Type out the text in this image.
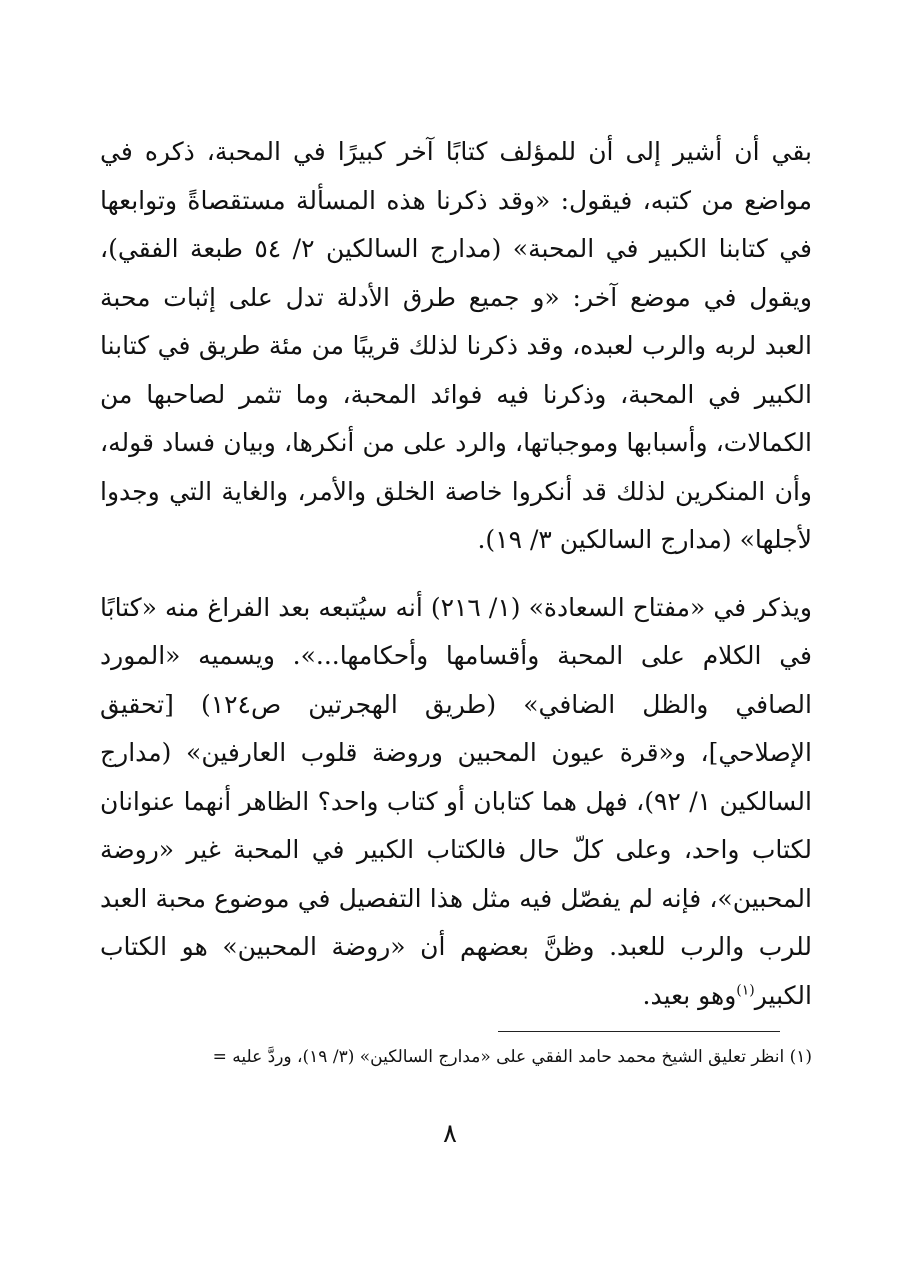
بقي أن أشير إلى أن للمؤلف كتابًا آخر كبيرًا في المحبة، ذكره في مواضع من كتبه، فيقول: «وقد ذكرنا هذه المسألة مستقصاةً وتوابعها في كتابنا الكبير في المحبة» (مدارج السالكين ٢/ ٥٤ طبعة الفقي)، ويقول في موضع آخر: «و جميع طرق الأدلة تدل على إثبات محبة العبد لربه والرب لعبده، وقد ذكرنا لذلك قريبًا من مئة طريق في كتابنا الكبير في المحبة، وذكرنا فيه فوائد المحبة، وما تثمر لصاحبها من الكمالات، وأسبابها وموجباتها، والرد على من أنكرها، وبيان فساد قوله، وأن المنكرين لذلك قد أنكروا خاصة الخلق والأمر، والغاية التي وجدوا لأجلها» (مدارج السالكين ٣/ ١٩).

ويذكر في «مفتاح السعادة» (١/ ٢١٦) أنه سيُتبعه بعد الفراغ منه «كتابًا في الكلام على المحبة وأقسامها وأحكامها...». ويسميه «المورد الصافي والظل الضافي» (طريق الهجرتين ص١٢٤) [تحقيق الإصلاحي]، و«قرة عيون المحبين وروضة قلوب العارفين» (مدارج السالكين ١/ ٩٢)، فهل هما كتابان أو كتاب واحد؟ الظاهر أنهما عنوانان لكتاب واحد، وعلى كلّ حال فالكتاب الكبير في المحبة غير «روضة المحبين»، فإنه لم يفصّل فيه مثل هذا التفصيل في موضوع محبة العبد للرب والرب للعبد. وظنَّ بعضهم أن «روضة المحبين» هو الكتاب الكبير$^{(١)}$وهو بعيد.

(١) انظر تعليق الشيخ محمد حامد الفقي على «مدارج السالكين» (٣/ ١٩)، وردَّ عليه =
٨
